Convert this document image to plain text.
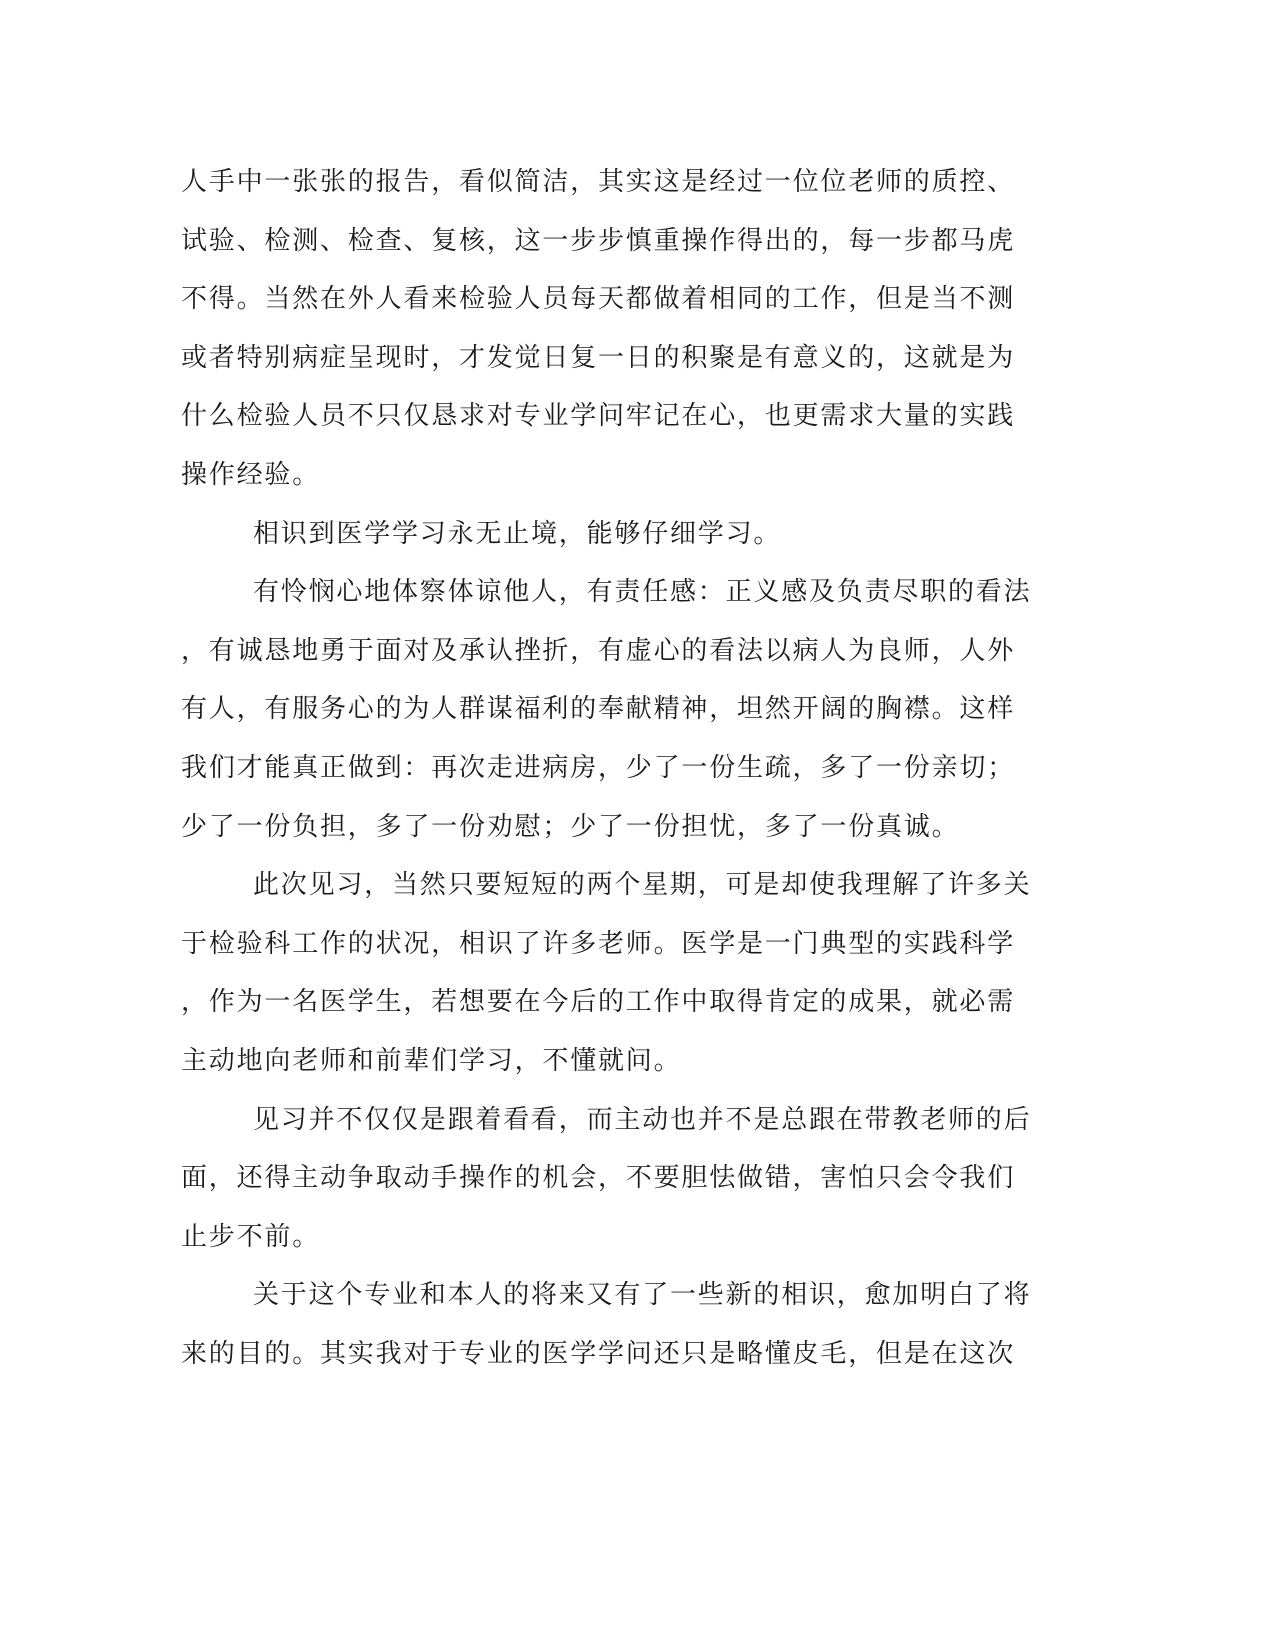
人手中一张张的报告，看似简洁，其实这是经过一位位老师的质控、
试验、检测、检查、复核，这一步步慎重操作得出的，每一步都马虎
不得。当然在外人看来检验人员每天都做着相同的工作，但是当不测
或者特别病症呈现时，才发觉日复一日的积聚是有意义的，这就是为
什么检验人员不只仅恳求对专业学问牢记在心，也更需求大量的实践
操作经验。

相识到医学学习永无止境，能够仔细学习。

有怜悯心地体察体谅他人，有责任感：正义感及负责尽职的看法
，有诚恳地勇于面对及承认挫折，有虚心的看法以病人为良师，人外
有人，有服务心的为人群谋福利的奉献精神，坦然开阔的胸襟。这样
我们才能真正做到：再次走进病房，少了一份生疏，多了一份亲切；
少了一份负担，多了一份劝慰；少了一份担忧，多了一份真诚。

此次见习，当然只要短短的两个星期，可是却使我理解了许多关
于检验科工作的状况，相识了许多老师。医学是一门典型的实践科学
，作为一名医学生，若想要在今后的工作中取得肯定的成果，就必需
主动地向老师和前辈们学习，不懂就问。

见习并不仅仅是跟着看看，而主动也并不是总跟在带教老师的后
面，还得主动争取动手操作的机会，不要胆怯做错，害怕只会令我们
止步不前。

关于这个专业和本人的将来又有了一些新的相识，愈加明白了将
来的目的。其实我对于专业的医学学问还只是略懂皮毛，但是在这次
